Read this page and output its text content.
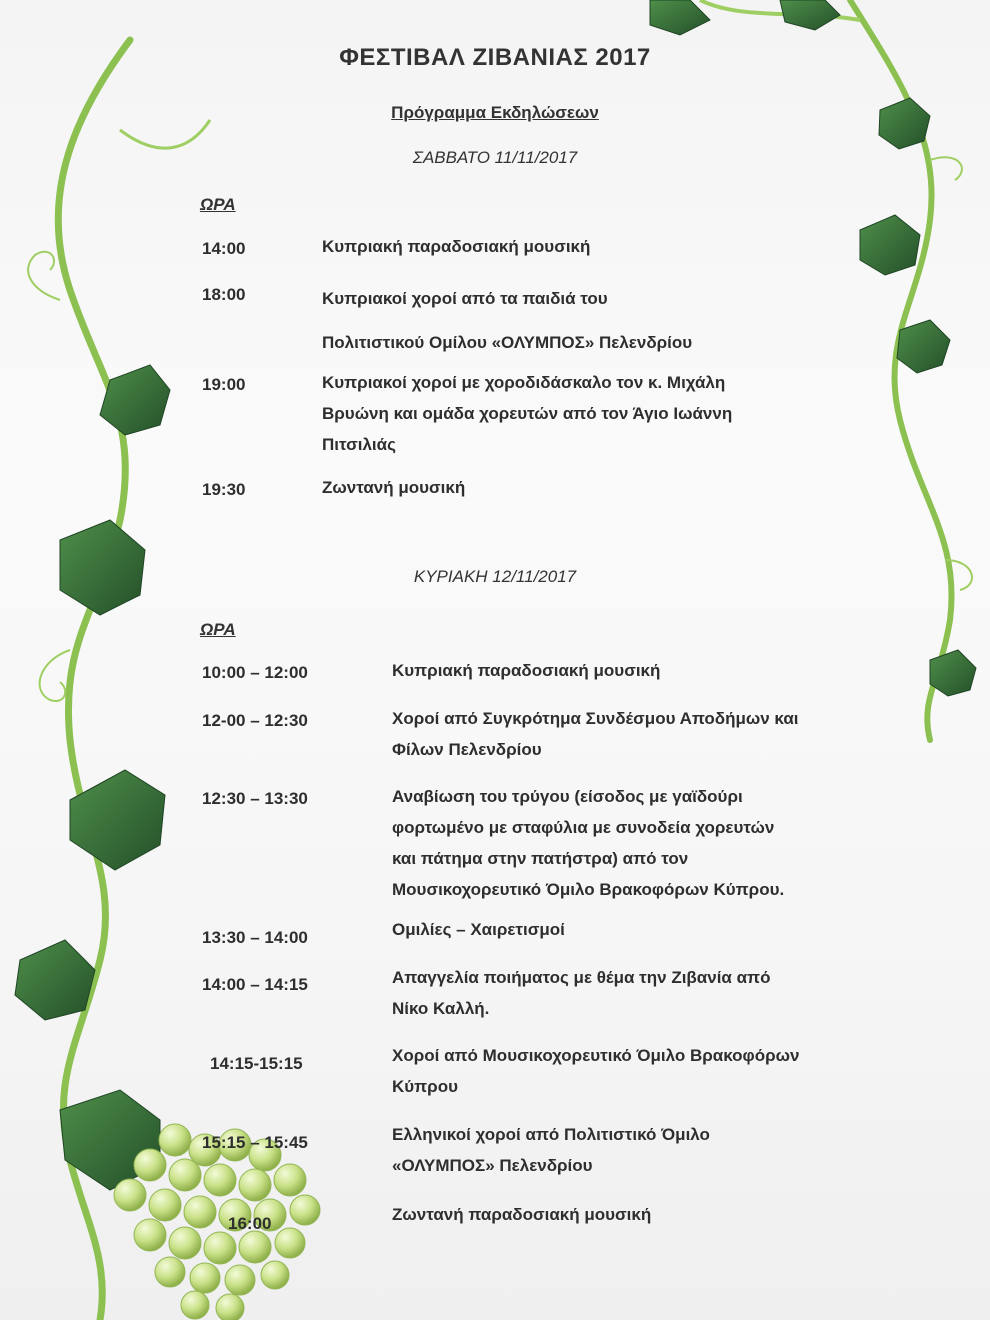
ΦΕΣΤΙΒΑΛ ΖΙΒΑΝΙΑΣ 2017
Πρόγραμμα Εκδηλώσεων
ΣΑΒΒΑΤΟ 11/11/2017
ΩΡΑ
14:00	Κυπριακή παραδοσιακή μουσική
18:00	Κυπριακοί χοροί από τα παιδιά του
Πολιτιστικού Ομίλου «ΟΛΥΜΠΟΣ» Πελενδρίου
19:00	Κυπριακοί χοροί με χοροδιδάσκαλο τον κ. Μιχάλη
Βρυώνη και ομάδα χορευτών από τον Άγιο Ιωάννη
Πιτσιλιάς
19:30	Ζωντανή μουσική
ΚΥΡΙΑΚΗ 12/11/2017
ΩΡΑ
10:00 – 12:00	Κυπριακή παραδοσιακή μουσική
12-00 – 12:30	Χοροί από Συγκρότημα Συνδέσμου Αποδήμων και
Φίλων Πελενδρίου
12:30 – 13:30	Αναβίωση του τρύγου (είσοδος με γαϊδούρι
φορτωμένο με σταφύλια με συνοδεία χορευτών
και πάτημα στην πατήστρα) από τον
Μουσικοχορευτικό Όμιλο Βρακοφόρων Κύπρου.
13:30 – 14:00	Ομιλίες – Χαιρετισμοί
14:00 – 14:15	Απαγγελία ποιήματος με θέμα την Ζιβανία από
Νίκο Καλλή.
14:15-15:15	Χοροί από Μουσικοχορευτικό Όμιλο Βρακοφόρων
Κύπρου
15:15 – 15:45	Ελληνικοί χοροί από Πολιτιστικό Όμιλο
«ΟΛΥΜΠΟΣ» Πελενδρίου
16:00	Ζωντανή παραδοσιακή μουσική
